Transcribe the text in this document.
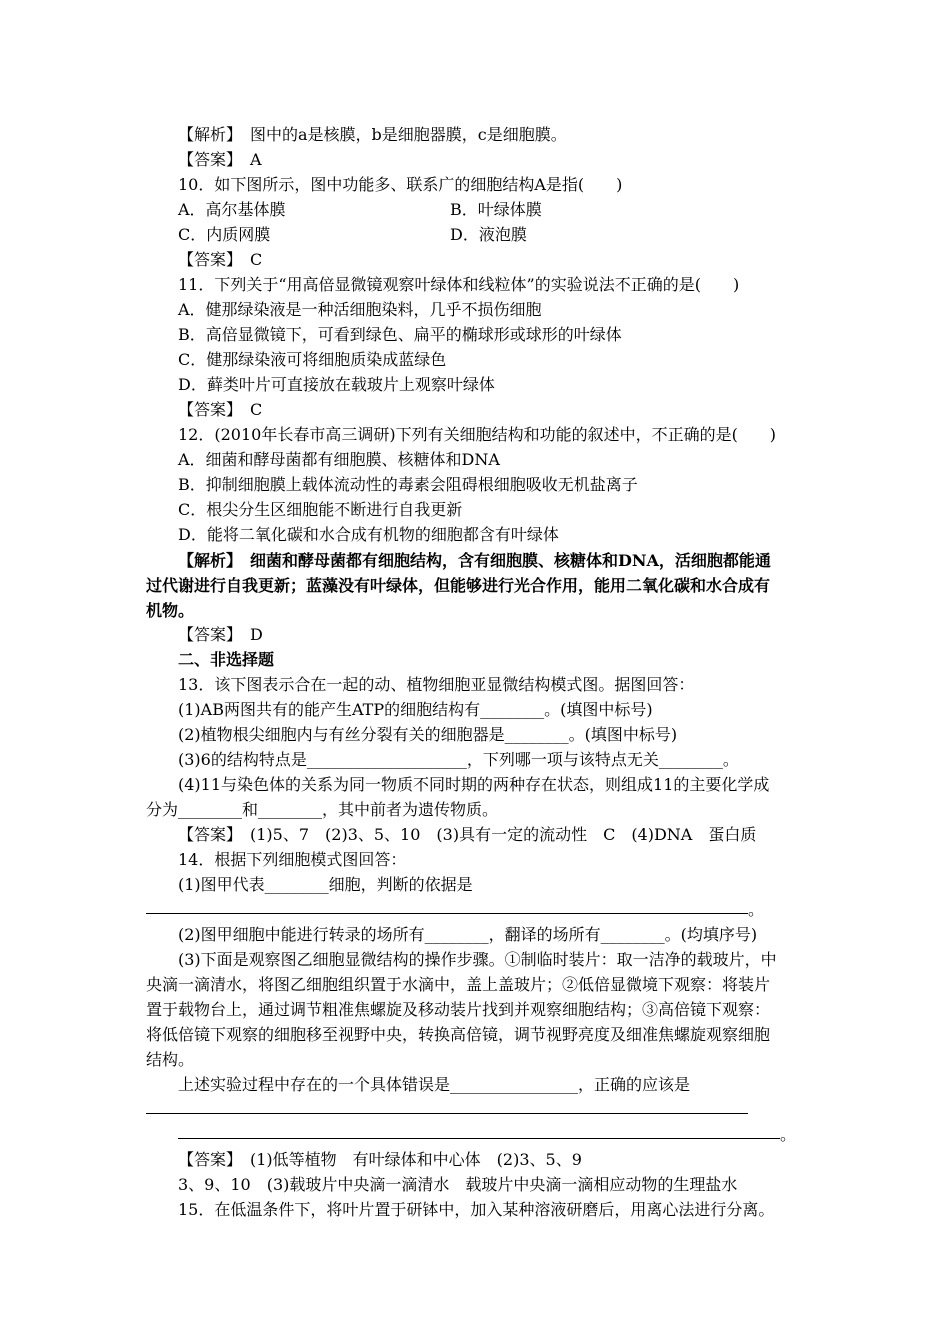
【解析】　图中的a是核膜，b是细胞器膜，c是细胞膜。
【答案】　A
10．如下图所示，图中功能多、联系广的细胞结构A是指(　　)
A．高尔基体膜	B．叶绿体膜
C．内质网膜	D．液泡膜
【答案】　C
11．下列关于“用高倍显微镜观察叶绿体和线粒体”的实验说法不正确的是(　　)
A．健那绿染液是一种活细胞染料，几乎不损伤细胞
B．高倍显微镜下，可看到绿色、扁平的椭球形或球形的叶绿体
C．健那绿染液可将细胞质染成蓝绿色
D．藓类叶片可直接放在载玻片上观察叶绿体
【答案】　C
12．(2010年长春市高三调研)下列有关细胞结构和功能的叙述中，不正确的是(　　)
A．细菌和酵母菌都有细胞膜、核糖体和DNA
B．抑制细胞膜上载体流动性的毒素会阻碍根细胞吸收无机盐离子
C．根尖分生区细胞能不断进行自我更新
D．能将二氧化碳和水合成有机物的细胞都含有叶绿体
【解析】　细菌和酵母菌都有细胞结构，含有细胞膜、核糖体和DNA，活细胞都能通
过代谢进行自我更新；蓝藻没有叶绿体，但能够进行光合作用，能用二氧化碳和水合成有
机物。
【答案】　D
二、非选择题
13．该下图表示合在一起的动、植物细胞亚显微结构模式图。据图回答：
(1)AB两图共有的能产生ATP的细胞结构有________。(填图中标号)
(2)植物根尖细胞内与有丝分裂有关的细胞器是________。(填图中标号)
(3)6的结构特点是____________________，下列哪一项与该特点无关________。
(4)11与染色体的关系为同一物质不同时期的两种存在状态，则组成11的主要化学成
分为________和________，其中前者为遗传物质。
【答案】　(1)5、7　(2)3、5、10　(3)具有一定的流动性　C　(4)DNA　蛋白质
14．根据下列细胞模式图回答：
(1)图甲代表________细胞，判断的依据是
。
(2)图甲细胞中能进行转录的场所有________，翻译的场所有________。(均填序号)
(3)下面是观察图乙细胞显微结构的操作步骤。①制临时装片：取一洁净的载玻片，中
央滴一滴清水，将图乙细胞组织置于水滴中，盖上盖玻片；②低倍显微境下观察：将装片
置于载物台上，通过调节粗准焦螺旋及移动装片找到并观察细胞结构；③高倍镜下观察：
将低倍镜下观察的细胞移至视野中央，转换高倍镜，调节视野亮度及细准焦螺旋观察细胞
结构。
上述实验过程中存在的一个具体错误是________________，正确的应该是
。
【答案】　(1)低等植物　有叶绿体和中心体　(2)3、5、9
3、9、10　(3)载玻片中央滴一滴清水　载玻片中央滴一滴相应动物的生理盐水
15．在低温条件下，将叶片置于研钵中，加入某种溶液研磨后，用离心法进行分离。
